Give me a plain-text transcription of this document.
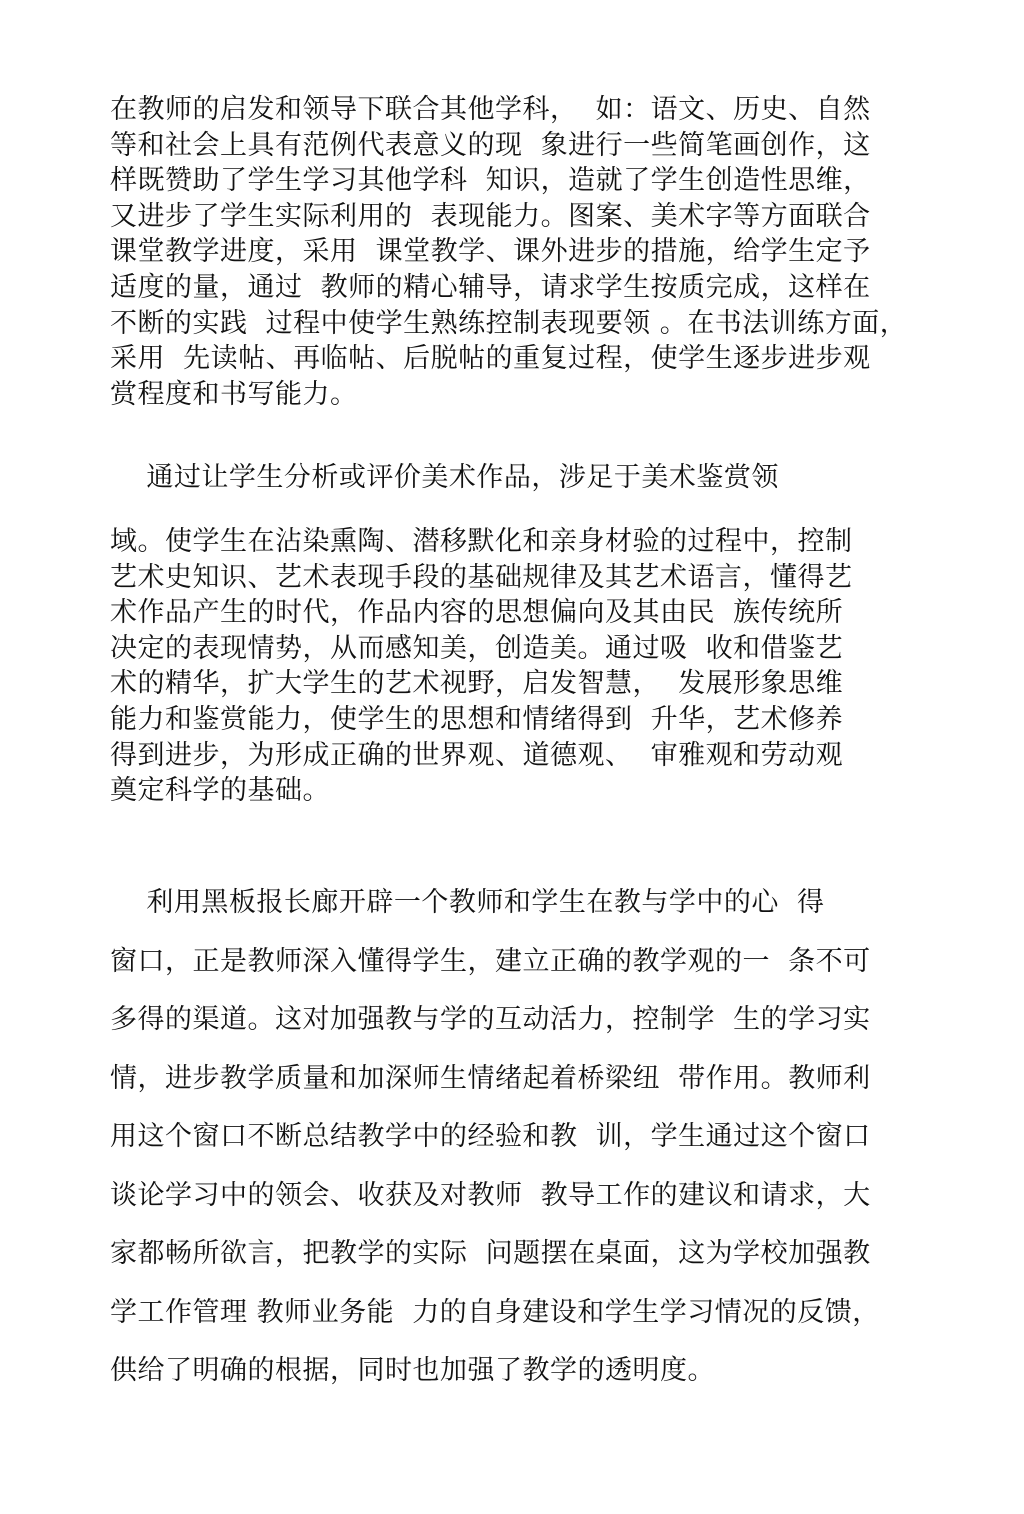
在教师的启发和领导下联合其他学科，  如：语文、历史、自然
等和社会上具有范例代表意义的现  象进行一些简笔画创作，这
样既赞助了学生学习其他学科  知识，造就了学生创造性思维，
又进步了学生实际利用的  表现能力。图案、美术字等方面联合
课堂教学进度，采用  课堂教学、课外进步的措施，给学生定予
适度的量，通过  教师的精心辅导，请求学生按质完成，这样在
不断的实践  过程中使学生熟练控制表现要领 。在书法训练方面，
采用  先读帖、再临帖、后脱帖的重复过程，使学生逐步进步观
赏程度和书写能力。
通过让学生分析或评价美术作品，涉足于美术鉴赏领
域。使学生在沾染熏陶、潜移默化和亲身材验的过程中，控制
艺术史知识、艺术表现手段的基础规律及其艺术语言，懂得艺
术作品产生的时代，作品内容的思想偏向及其由民  族传统所
决定的表现情势，从而感知美，创造美。通过吸  收和借鉴艺
术的精华，扩大学生的艺术视野，启发智慧，  发展形象思维
能力和鉴赏能力，使学生的思想和情绪得到  升华，艺术修养
得到进步，为形成正确的世界观、道德观、  审雅观和劳动观
奠定科学的基础。
利用黑板报长廊开辟一个教师和学生在教与学中的心  得
窗口，正是教师深入懂得学生，建立正确的教学观的一  条不可
多得的渠道。这对加强教与学的互动活力，控制学  生的学习实
情，进步教学质量和加深师生情绪起着桥梁纽  带作用。教师利
用这个窗口不断总结教学中的经验和教  训，学生通过这个窗口
谈论学习中的领会、收获及对教师  教导工作的建议和请求，大
家都畅所欲言，把教学的实际  问题摆在桌面，这为学校加强教
学工作管理 教师业务能  力的自身建设和学生学习情况的反馈，
供给了明确的根据，同时也加强了教学的透明度。
